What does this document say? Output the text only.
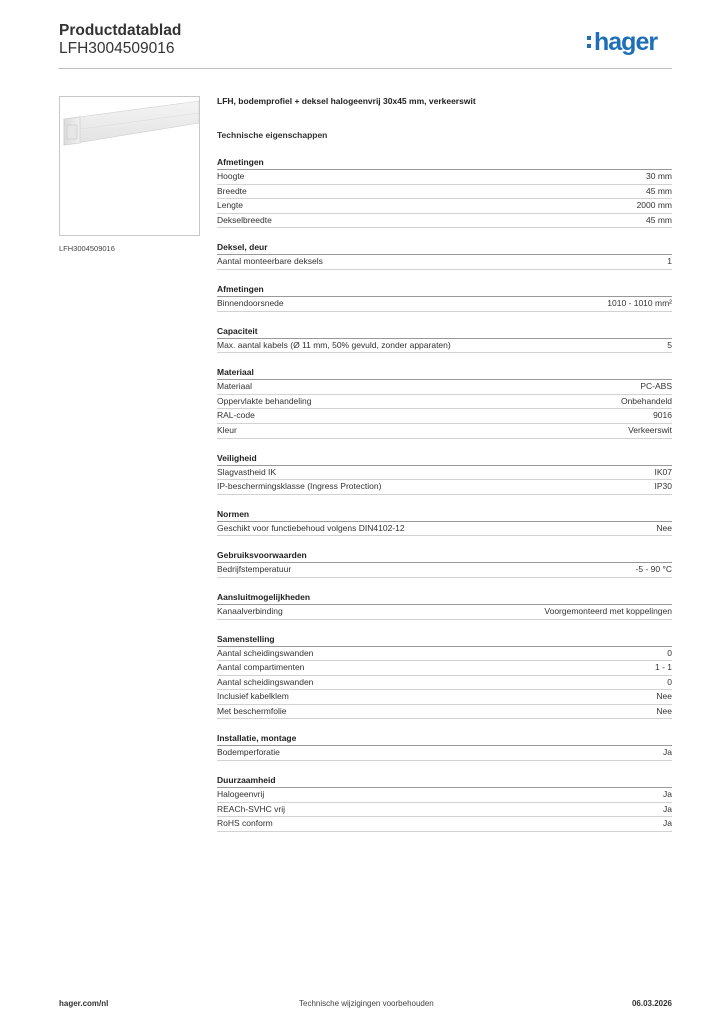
Productdatablad
LFH3004509016	hager
LFH3004509016
LFH, bodemprofiel + deksel halogeenvrij 30x45 mm, verkeerswit
Technische eigenschappen
Afmetingen
Hoogte	30 mm
Breedte	45 mm
Lengte	2000 mm
Dekselbreedte	45 mm
Deksel, deur
Aantal monteerbare deksels	1
Afmetingen
Binnendoorsnede	1010 - 1010 mm²
Capaciteit
Max. aantal kabels (Ø 11 mm, 50% gevuld, zonder apparaten)	5
Materiaal
Materiaal	PC-ABS
Oppervlakte behandeling	Onbehandeld
RAL-code	9016
Kleur	Verkeerswit
Veiligheid
Slagvastheid IK	IK07
IP-beschermingsklasse (Ingress Protection)	IP30
Normen
Geschikt voor functiebehoud volgens DIN4102-12	Nee
Gebruiksvoorwaarden
Bedrijfstemperatuur	-5 - 90 °C
Aansluitmogelijkheden
Kanaalverbinding	Voorgemonteerd met koppelingen
Samenstelling
Aantal scheidingswanden	0
Aantal compartimenten	1 - 1
Aantal scheidingswanden	0
Inclusief kabelklem	Nee
Met beschermfolie	Nee
Installatie, montage
Bodemperforatie	Ja
Duurzaamheid
Halogeenvrij	Ja
REACh-SVHC vrij	Ja
RoHS conform	Ja
hager.com/nl	Technische wijzigingen voorbehouden	06.03.2026
